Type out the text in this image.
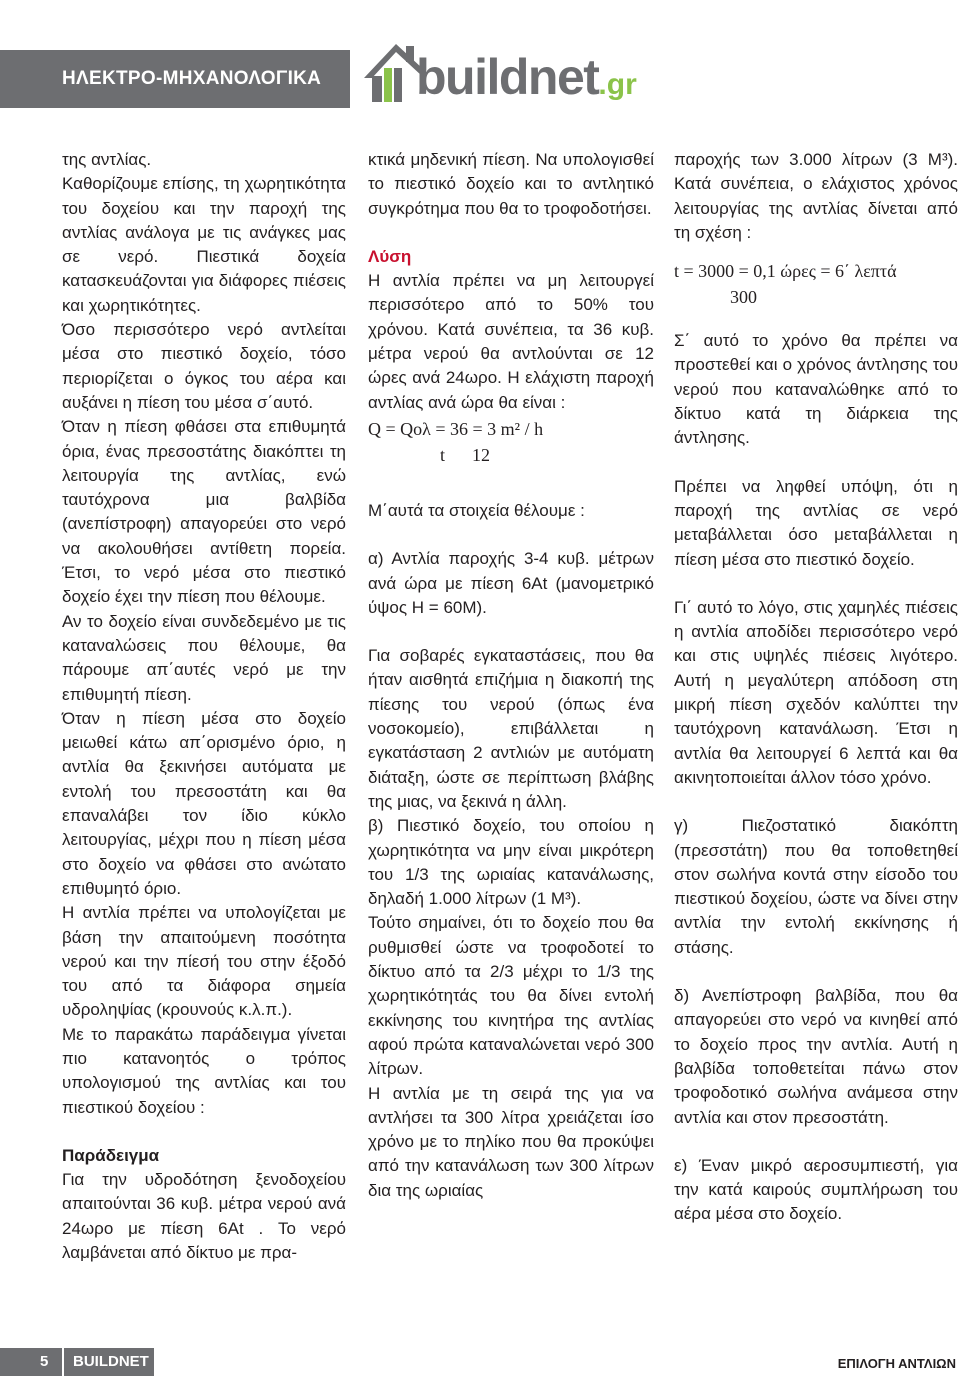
ΗΛΕΚΤΡΟ-ΜΗΧΑΝΟΛΟΓΙΚΑ buildnet.gr

της αντλίας.

Καθορίζουμε επίσης, τη χωρητικότητα του δοχείου και την παροχή της αντλίας ανάλογα με τις ανάγκες μας σε νερό. Πιεστικά δοχεία κατασκευάζονται για διάφορες πιέσεις και χωρητικότητες.

Όσο περισσότερο νερό αντλείται μέσα στο πιεστικό δοχείο, τόσο περιορίζεται ο όγκος του αέρα και αυξάνει η πίεση του μέσα σ΄αυτό.

Όταν η πίεση φθάσει στα επιθυμητά όρια, ένας πρεσοστάτης διακόπτει τη λειτουργία της αντλίας, ενώ ταυτόχρονα μια βαλβίδα (ανεπίστροφη) απαγορεύει στο νερό να ακολουθήσει αντίθετη πορεία. Έτσι, το νερό μέσα στο πιεστικό δοχείο έχει την πίεση που θέλουμε.

Αν το δοχείο είναι συνδεδεμένο με τις καταναλώσεις που θέλουμε, θα πάρουμε απ΄αυτές νερό με την επιθυμητή πίεση.

Όταν η πίεση μέσα στο δοχείο μειωθεί κάτω απ΄ορισμένο όριο, η αντλία θα ξεκινήσει αυτόματα με εντολή του πρεσοστάτη και θα επαναλάβει τον ίδιο κύκλο λειτουργίας, μέχρι που η πίεση μέσα στο δοχείο να φθάσει στο ανώτατο επιθυμητό όριο.

Η αντλία πρέπει να υπολογίζεται με βάση την απαιτούμενη ποσότητα νερού και την πίεσή του στην έξοδό του από τα διάφορα σημεία υδροληψίας (κρουνούς κ.λ.π.).

Με το παρακάτω παράδειγμα γίνεται πιο κατανοητός ο τρόπος υπολογισμού της αντλίας και του πιεστικού δοχείου :

Παράδειγμα

Για την υδροδότηση ξενοδοχείου απαιτούνται 36 κυβ. μέτρα νερού ανά 24ωρο με πίεση 6At . Το νερό λαμβάνεται από δίκτυο με πρα-

κτικά μηδενική πίεση. Να υπολογισθεί το πιεστικό δοχείο και το αντλητικό συγκρότημα που θα το τροφοδοτήσει.

Λύση

Η αντλία πρέπει να μη λειτουργεί περισσότερο από το 50% του χρόνου. Κατά συνέπεια, τα 36 κυβ. μέτρα νερού θα αντλούνται σε 12 ώρες ανά 24ωρο. Η ελάχιστη παροχή αντλίας ανά ώρα θα είναι :

Q = Qολ = 36 = 3 m² / h
t      12

Μ΄αυτά τα στοιχεία θέλουμε :

α) Αντλία παροχής 3-4 κυβ. μέτρων ανά ώρα με πίεση 6At (μανομετρικό ύψος H = 60M).

Για σοβαρές εγκαταστάσεις, που θα ήταν αισθητά επιζήμια η διακοπή της πίεσης του νερού (όπως ένα νοσοκομείο), επιβάλλεται η εγκατάσταση 2 αντλιών με αυτόματη διάταξη, ώστε σε περίπτωση βλάβης της μιας, να ξεκινά η άλλη.

β) Πιεστικό δοχείο, του οποίου η χωρητικότητα να μην είναι μικρότερη του 1/3 της ωριαίας κατανάλωσης, δηλαδή 1.000 λίτρων (1 M³).

Τούτο σημαίνει, ότι το δοχείο που θα ρυθμισθεί ώστε να τροφοδοτεί το δίκτυο από τα 2/3 μέχρι το 1/3 της χωρητικότητάς του θα δίνει εντολή εκκίνησης του κινητήρα της αντλίας αφού πρώτα καταναλώνεται νερό 300 λίτρων.

Η αντλία με τη σειρά της για να αντλήσει τα 300 λίτρα χρειάζεται ίσο χρόνο με το πηλίκο που θα προκύψει από την κατανάλωση των 300 λίτρων δια της ωριαίας

παροχής των 3.000 λίτρων (3 M³). Κατά συνέπεια, ο ελάχιστος χρόνος λειτουργίας της αντλίας δίνεται από τη σχέση :

t = 3000 = 0,1 ώρες = 6΄ λεπτά
300

Σ΄ αυτό το χρόνο θα πρέπει να προστεθεί και ο χρόνος άντλησης του νερού που καταναλώθηκε από το δίκτυο κατά τη διάρκεια της άντλησης.

Πρέπει να ληφθεί υπόψη, ότι η παροχή της αντλίας σε νερό μεταβάλλεται όσο μεταβάλλεται η πίεση μέσα στο πιεστικό δοχείο.

Γι΄ αυτό το λόγο, στις χαμηλές πιέσεις η αντλία αποδίδει περισσότερο νερό και στις υψηλές πιέσεις λιγότερο. Αυτή η μεγαλύτερη απόδοση στη μικρή πίεση σχεδόν καλύπτει την ταυτόχρονη κατανάλωση. Έτσι η αντλία θα λειτουργεί 6 λεπτά και θα ακινητοποιείται άλλον τόσο χρόνο.

γ) Πιεζοστατικό διακόπτη (πρεσστάτη) που θα τοποθετηθεί στον σωλήνα κοντά στην είσοδο του πιεστικού δοχείου, ώστε να δίνει στην αντλία την εντολή εκκίνησης ή στάσης.

δ) Ανεπίστροφη βαλβίδα, που θα απαγορεύει στο νερό να κινηθεί από το δοχείο προς την αντλία. Αυτή η βαλβίδα τοποθετείται πάνω στον τροφοδοτικό σωλήνα ανάμεσα στην αντλία και στον πρεσοστάτη.

ε) Έναν μικρό αεροσυμπιεστή, για την κατά καιρούς συμπλήρωση του αέρα μέσα στο δοχείο.

5 BUILDNET	ΕΠΙΛΟΓΗ ΑΝΤΛΙΩΝ
